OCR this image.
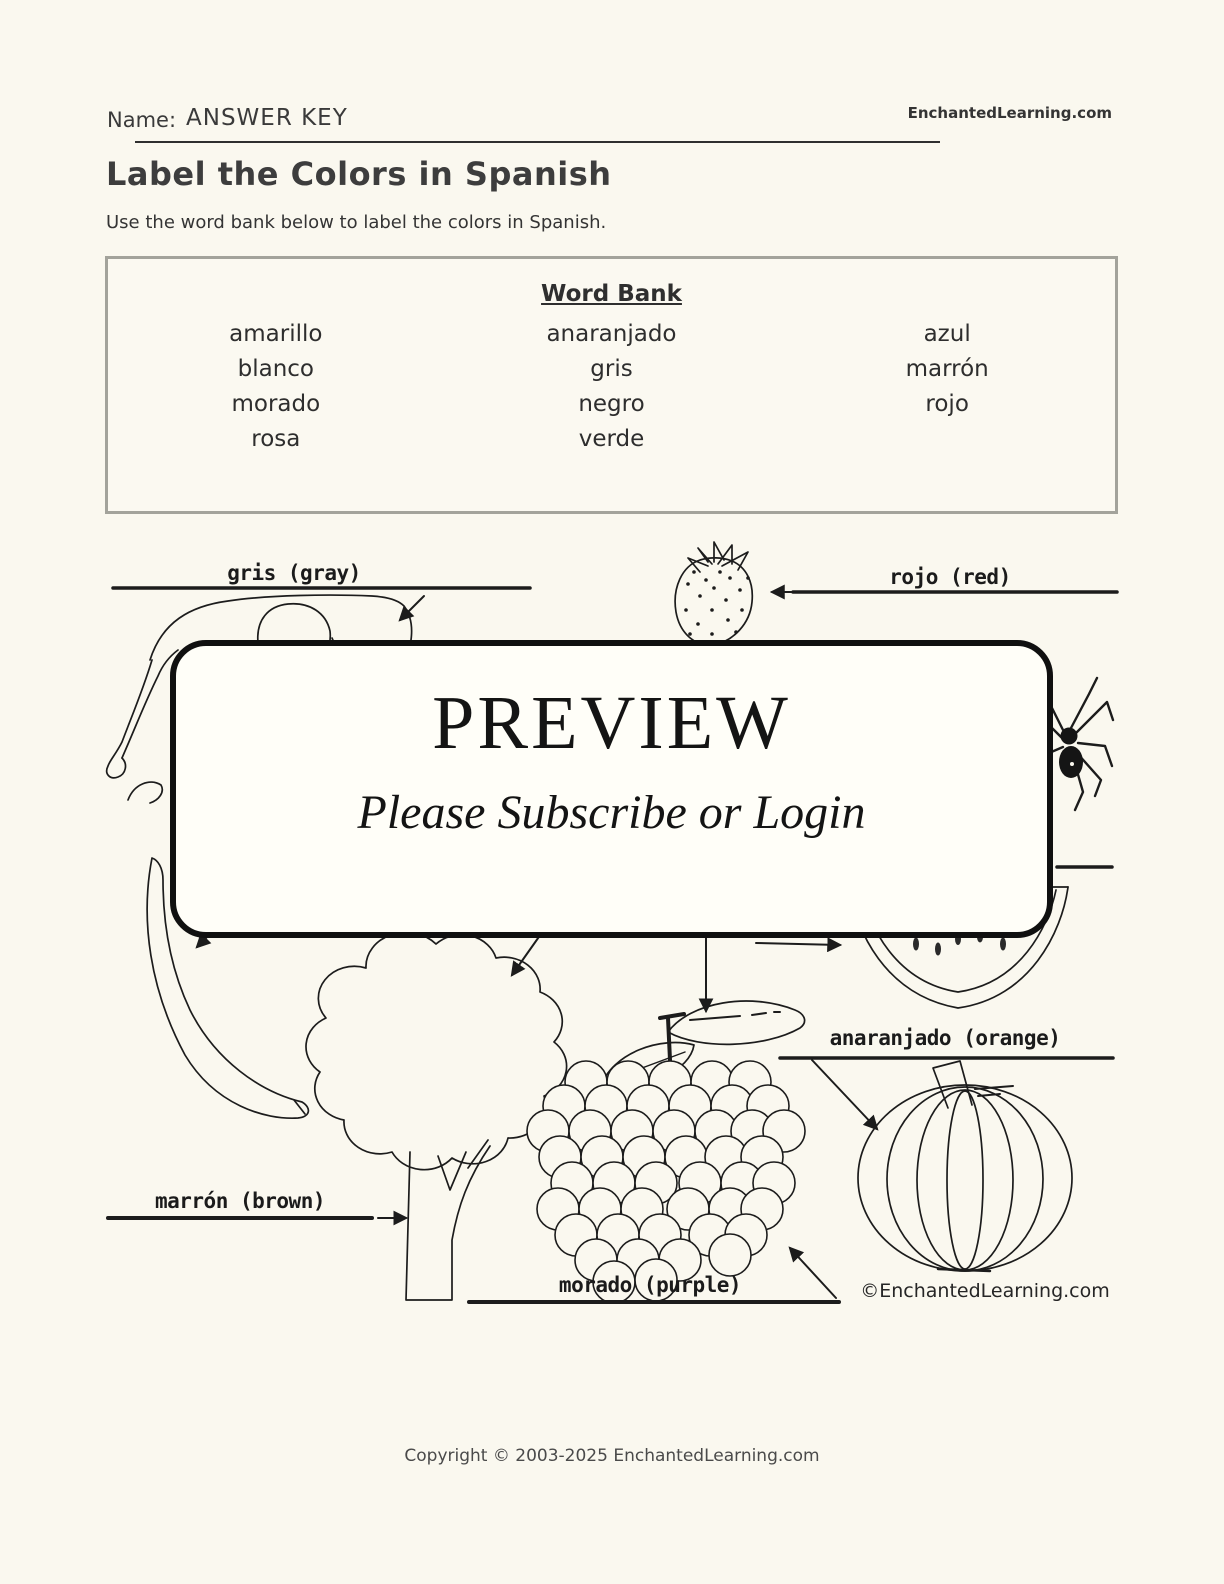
Name: ANSWER KEY	EnchantedLearning.com
Label the Colors in Spanish
Use the word bank below to label the colors in Spanish.
Word Bank
amarillo	anaranjado	azul
blanco	gris	marrón
morado	negro	rojo
rosa	verde
gris (gray)	rojo (red)
anaranjado (orange)
©EnchantedLearning.com
marrón (brown)
morado (purple)
PREVIEW
Please Subscribe or Login
Copyright © 2003-2025 EnchantedLearning.com
